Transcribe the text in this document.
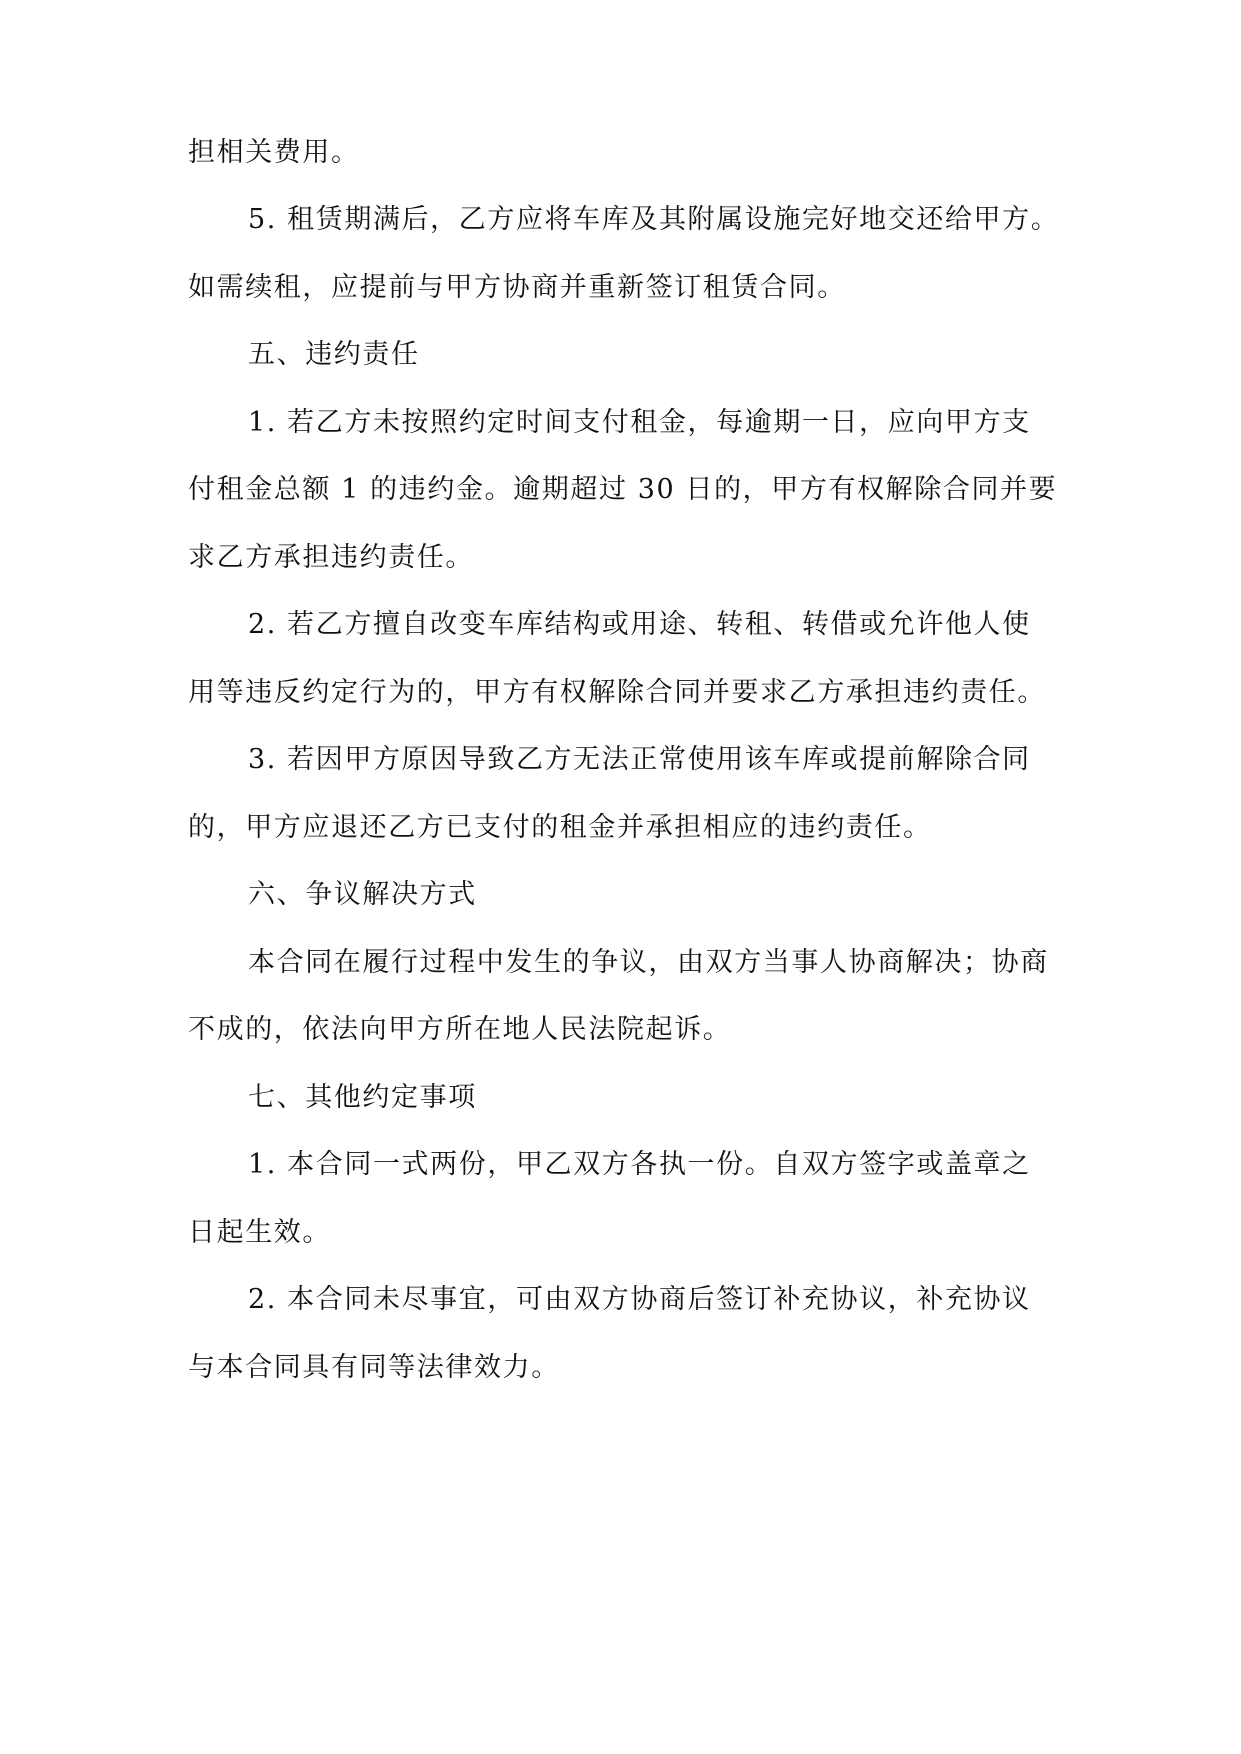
担相关费用。
5. 租赁期满后，乙方应将车库及其附属设施完好地交还给甲方。
如需续租，应提前与甲方协商并重新签订租赁合同。
五、违约责任
1. 若乙方未按照约定时间支付租金，每逾期一日，应向甲方支
付租金总额 1 的违约金。逾期超过 30 日的，甲方有权解除合同并要
求乙方承担违约责任。
2. 若乙方擅自改变车库结构或用途、转租、转借或允许他人使
用等违反约定行为的，甲方有权解除合同并要求乙方承担违约责任。
3. 若因甲方原因导致乙方无法正常使用该车库或提前解除合同
的，甲方应退还乙方已支付的租金并承担相应的违约责任。
六、争议解决方式
本合同在履行过程中发生的争议，由双方当事人协商解决；协商
不成的，依法向甲方所在地人民法院起诉。
七、其他约定事项
1. 本合同一式两份，甲乙双方各执一份。自双方签字或盖章之
日起生效。
2. 本合同未尽事宜，可由双方协商后签订补充协议，补充协议
与本合同具有同等法律效力。
